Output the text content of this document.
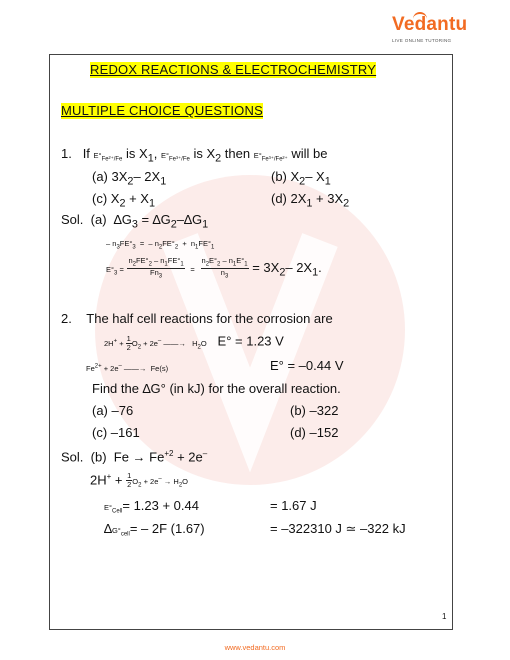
Vedantu
LIVE ONLINE TUTORING
REDOX REACTIONS & ELECTROCHEMISTRY
MULTIPLE CHOICE QUESTIONS
1. If $E^\circ_{Fe^{2+}/Fe}$ is $X_1$, $E^\circ_{Fe^{3+}/Fe}$ is $X_2$ then $E^\circ_{Fe^{3+}/Fe^{2+}}$ will be
(a) $3X_2-$ $2X_1$	(b) $X_2-$ $X_1$
(c) $X_2 + X_1$	(d) $2X_1 + 3X_2$
Sol. (a)  $\Delta G_3 = \Delta G_2-\Delta G_1$
– $n_3FE^\circ_3$  =  – $n_2FE^\circ_2 + n_1FE^\circ_1$
$E^\circ_3 = \frac{n_2FE^\circ_2 - n_1FE^\circ_1}{Fn_3} = \frac{n_2E^\circ_2 - n_1E^\circ_1}{n_3} = 3X_2-$ $2X_1$.
2. The half cell reactions for the corrosion are
$2H^+ + \frac{1}{2} O_2 + 2e^-$ ——→   $H_2O$   E° = 1.23 V
$Fe^{2+} + 2e^-$ ——→  Fe(s)	E° = –0.44 V
Find the ∆G° (in kJ) for the overall reaction.
(a) –76	(b) –322
(c) –161	(d) –152
Sol. (b)  $Fe \to Fe^{+2} + 2e^-$
$2H^+ + \frac{1}{2} O_2 + 2e^- \to H_2O$
$E^\circ_{Cell}= 1.23 + 0.44$	= 1.67 J
$\Delta G^\circ_{cell}= - 2F$ (1.67)	= –322310 J ≃ –322 kJ
1
www.vedantu.com
